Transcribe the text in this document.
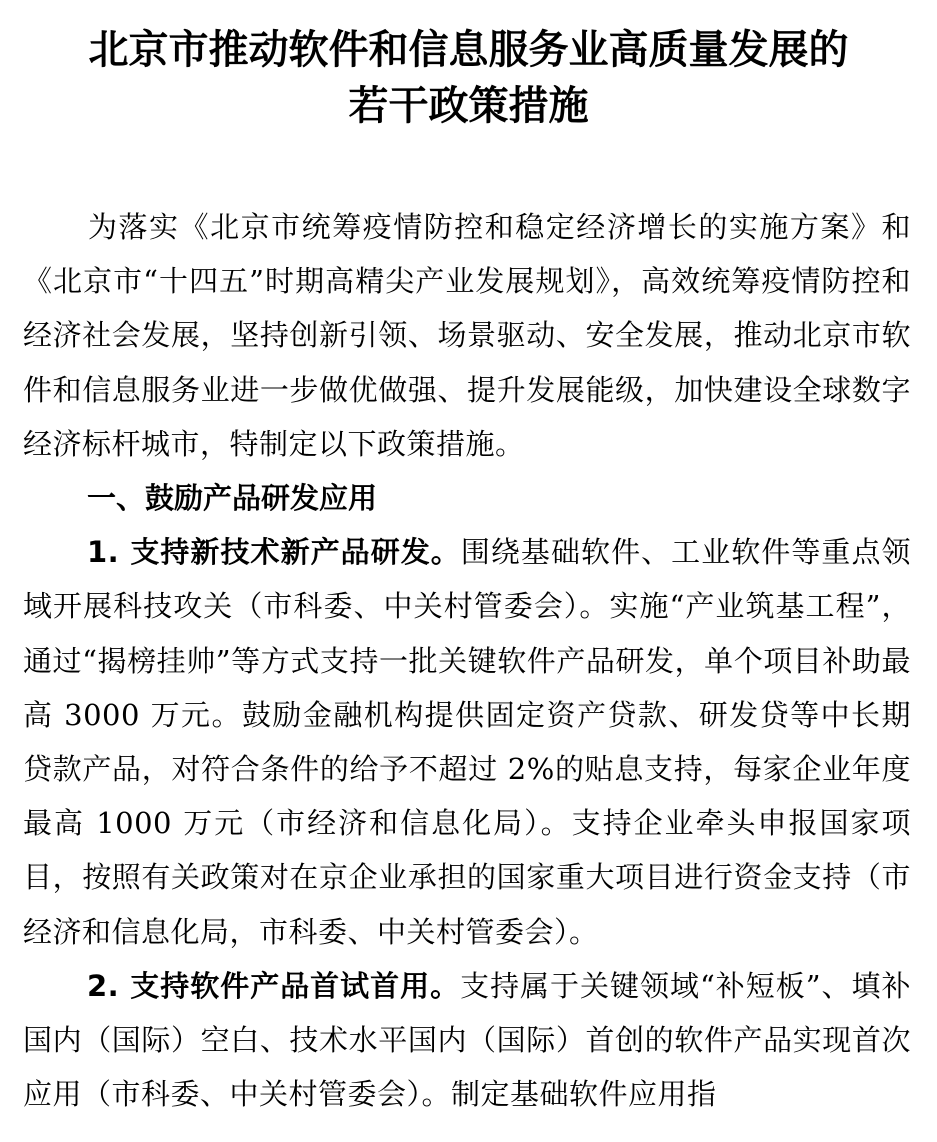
北京市推动软件和信息服务业高质量发展的
若干政策措施

为落实《北京市统筹疫情防控和稳定经济增长的实施方案》和《北京市“十四五”时期高精尖产业发展规划》，高效统筹疫情防控和经济社会发展，坚持创新引领、场景驱动、安全发展，推动北京市软件和信息服务业进一步做优做强、提升发展能级，加快建设全球数字经济标杆城市，特制定以下政策措施。

一、鼓励产品研发应用

1. 支持新技术新产品研发。围绕基础软件、工业软件等重点领域开展科技攻关（市科委、中关村管委会）。实施“产业筑基工程”，通过“揭榜挂帅”等方式支持一批关键软件产品研发，单个项目补助最高 3000 万元。鼓励金融机构提供固定资产贷款、研发贷等中长期贷款产品，对符合条件的给予不超过 2%的贴息支持，每家企业年度最高 1000 万元（市经济和信息化局）。支持企业牵头申报国家项目，按照有关政策对在京企业承担的国家重大项目进行资金支持（市经济和信息化局，市科委、中关村管委会）。

2. 支持软件产品首试首用。支持属于关键领域“补短板”、填补国内（国际）空白、技术水平国内（国际）首创的软件产品实现首次应用（市科委、中关村管委会）。制定基础软件应用指
